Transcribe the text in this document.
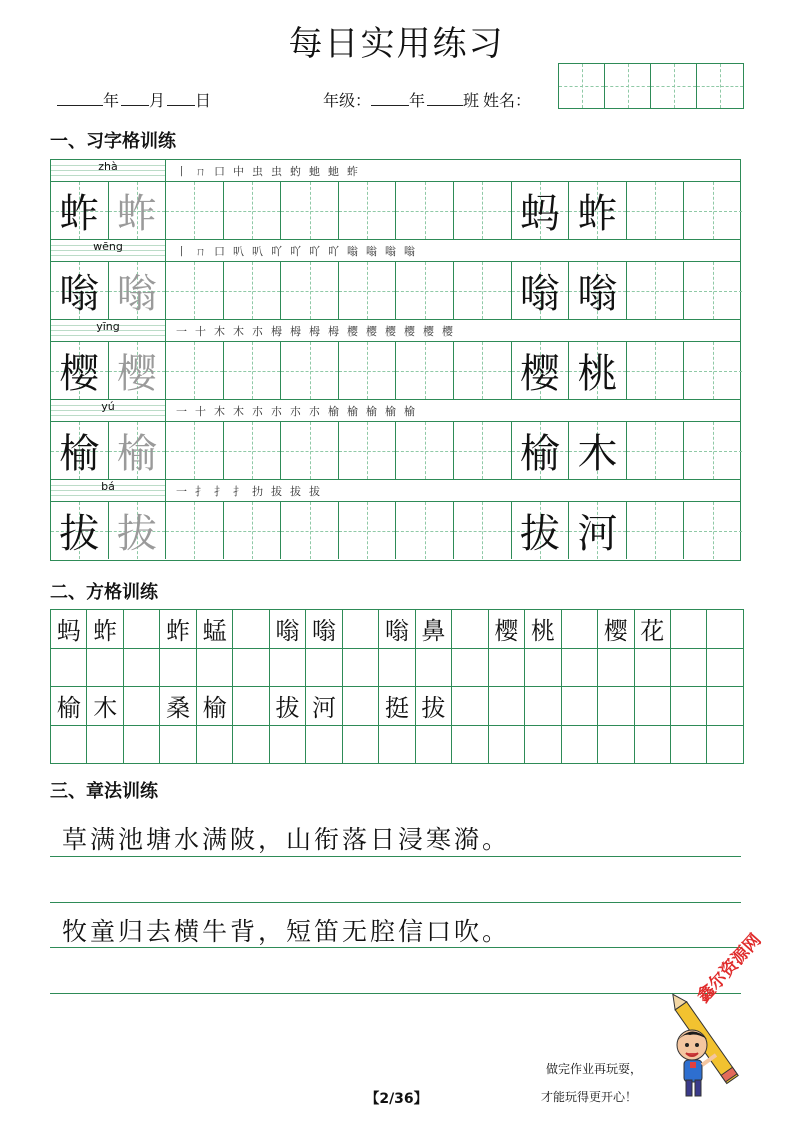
每日实用练习
年 月 日	年级： 年 班 姓名：
一、习字格训练
zhà	丨 ㄇ 口 中 虫 虫 虳 虵 虵 蚱
蚱 蚱	蚂 蚱
wēng	丨 ㄇ 口 叭 叭 吖 吖 吖 吖 嗡 嗡 嗡 嗡
嗡 嗡	嗡 嗡
yīng	一 十 木 木 朩 栂 栂 栂 栂 樱 樱 樱 樱 樱 樱
樱 樱	樱 桃
yú	一 十 木 木 朩 朩 朩 朩 榆 榆 榆 榆 榆
榆 榆	榆 木
bá	一 扌 扌 扌 扐 拔 拔 拔
拔 拔	拔 河
二、方格训练
蚂 蚱 蚱 蜢 嗡 嗡 嗡 鼻 樱 桃 樱 花
榆 木 桑 榆 拔 河 挺 拔
三、章法训练
草满池塘水满陂，山衔落日浸寒漪。
牧童归去横牛背，短笛无腔信口吹。
做完作业再玩耍，
才能玩得更开心！
【2/36】
鑫尔资源网
